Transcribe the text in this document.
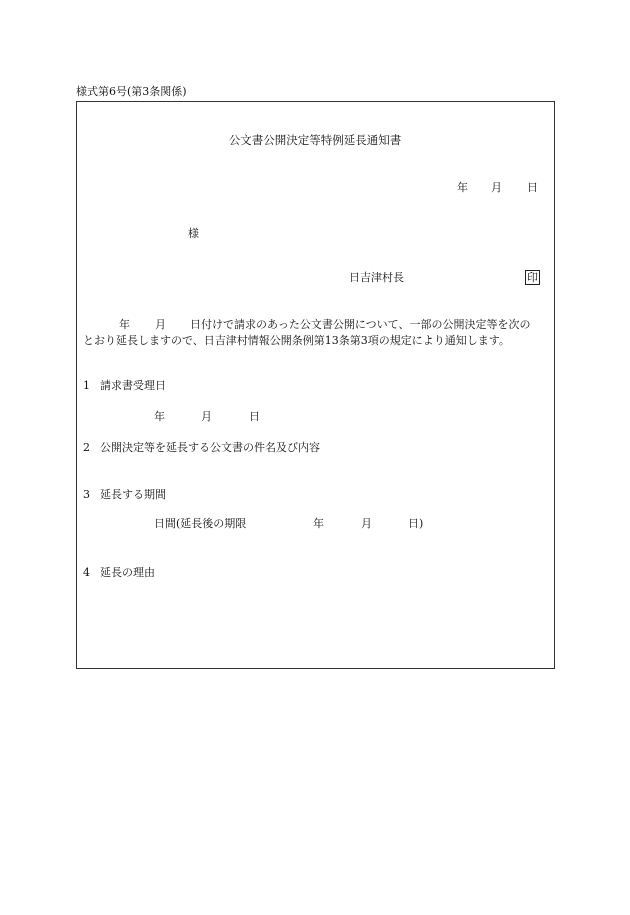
様式第6号(第3条関係)
公文書公開決定等特例延長通知書
年 月 日
様
日吉津村長	印
年 月 日付けで請求のあった公文書公開について、一部の公開決定等を次の
とおり延長しますので、日吉津村情報公開条例第13条第3項の規定により通知します。
1 請求書受理日
年	月	日
2 公開決定等を延長する公文書の件名及び内容
3 延長する期間
日間(延長後の期限	年	月	日)
4 延長の理由
